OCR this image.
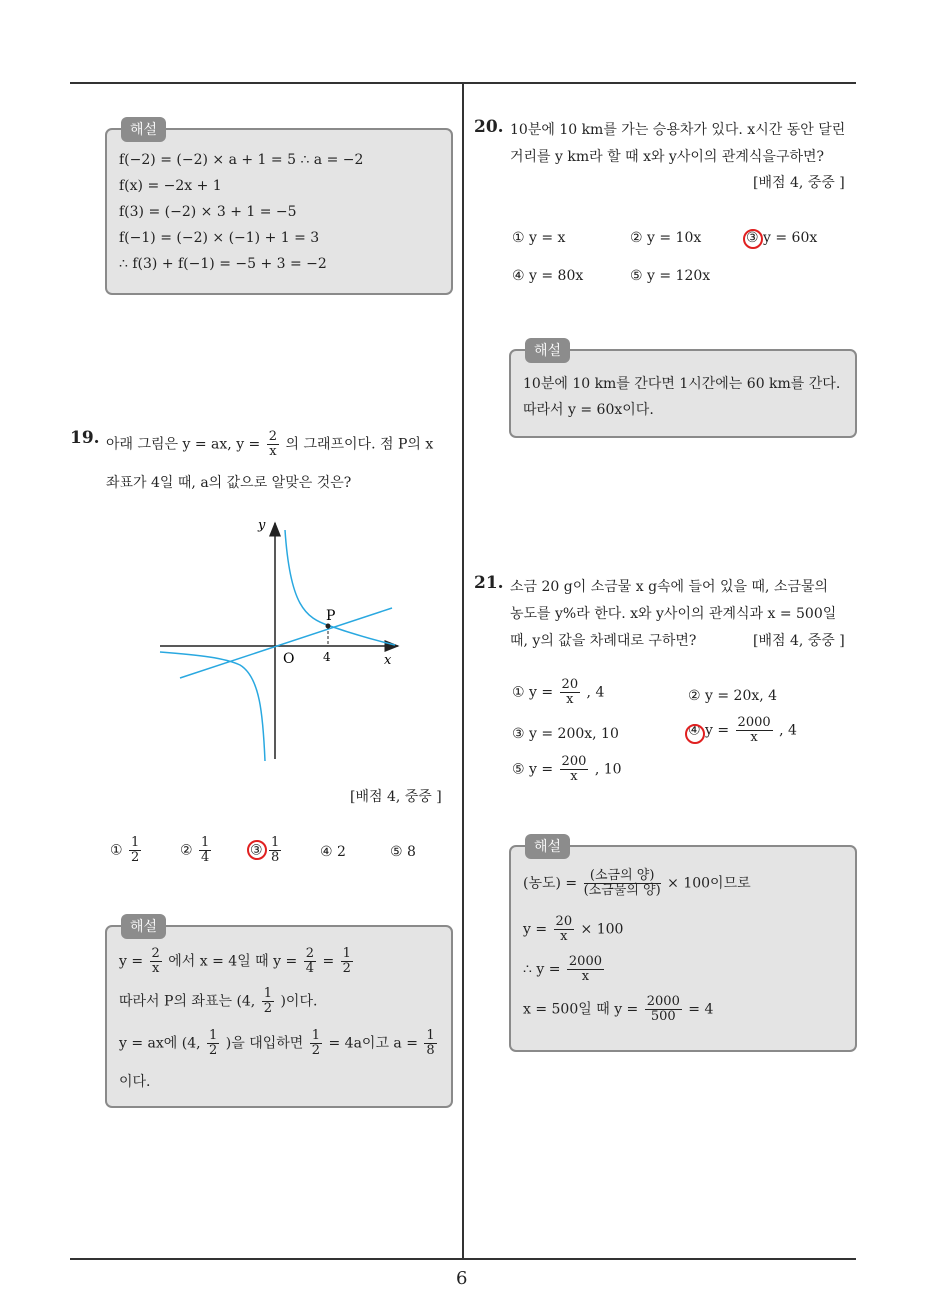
6
해설
f(−2) = (−2) × a + 1 = 5 ∴ a = −2
f(x) = −2x + 1
f(3) = (−2) × 3 + 1 = −5
f(−1) = (−2) × (−1) + 1 = 3
∴ f(3) + f(−1) = −5 + 3 = −2
19. 아래 그림은 y = ax, $y = \frac{2}{x}$ 의 그래프이다. 점 P의 x
좌표가 4일 때, a의 값으로 알맞은 것은?
y
x
O
P
4
[배점 4, 중중 ]
① $\frac{1}{2}$	② $\frac{1}{4}$	③ $\frac{1}{8}$	④ 2	⑤ 8
해설
$y = \frac{2}{x}$ 에서 x = 4일 때 $y = \frac{2}{4} = \frac{1}{2}$
따라서 P의 좌표는 (4, $\frac{1}{2}$ )이다.
y = ax에 (4, $\frac{1}{2}$ )을 대입하면 $\frac{1}{2} = 4a$이고 $a = \frac{1}{8}$
이다.
20. 10분에 10 km를 가는 승용차가 있다. x시간 동안 달린
거리를 y km라 할 때 x와 y사이의 관계식을구하면?
[배점 4, 중중 ]
① y = x	② y = 10x	③ y = 60x
④ y = 80x	⑤ y = 120x
해설
10분에 10 km를 간다면 1시간에는 60 km를 간다.
따라서 y = 60x이다.
21. 소금 20 g이 소금물 x g속에 들어 있을 때, 소금물의
농도를 y%라 한다. x와 y사이의 관계식과 x = 500일
때, y의 값을 차례대로 구하면?	[배점 4, 중중 ]
① $y = \frac{20}{x}$ , 4	② y = 20x, 4
③ y = 200x, 10	④ $y = \frac{2000}{x}$ , 4
⑤ $y = \frac{200}{x}$ , 10
해설
(농도) = $\frac{\text{(소금의 양)}}{\text{(소금물의 양)}} \times 100$이므로
$y = \frac{20}{x} \times 100$
∴ $y = \frac{2000}{x}$
x = 500일 때 $y = \frac{2000}{500} = 4$
